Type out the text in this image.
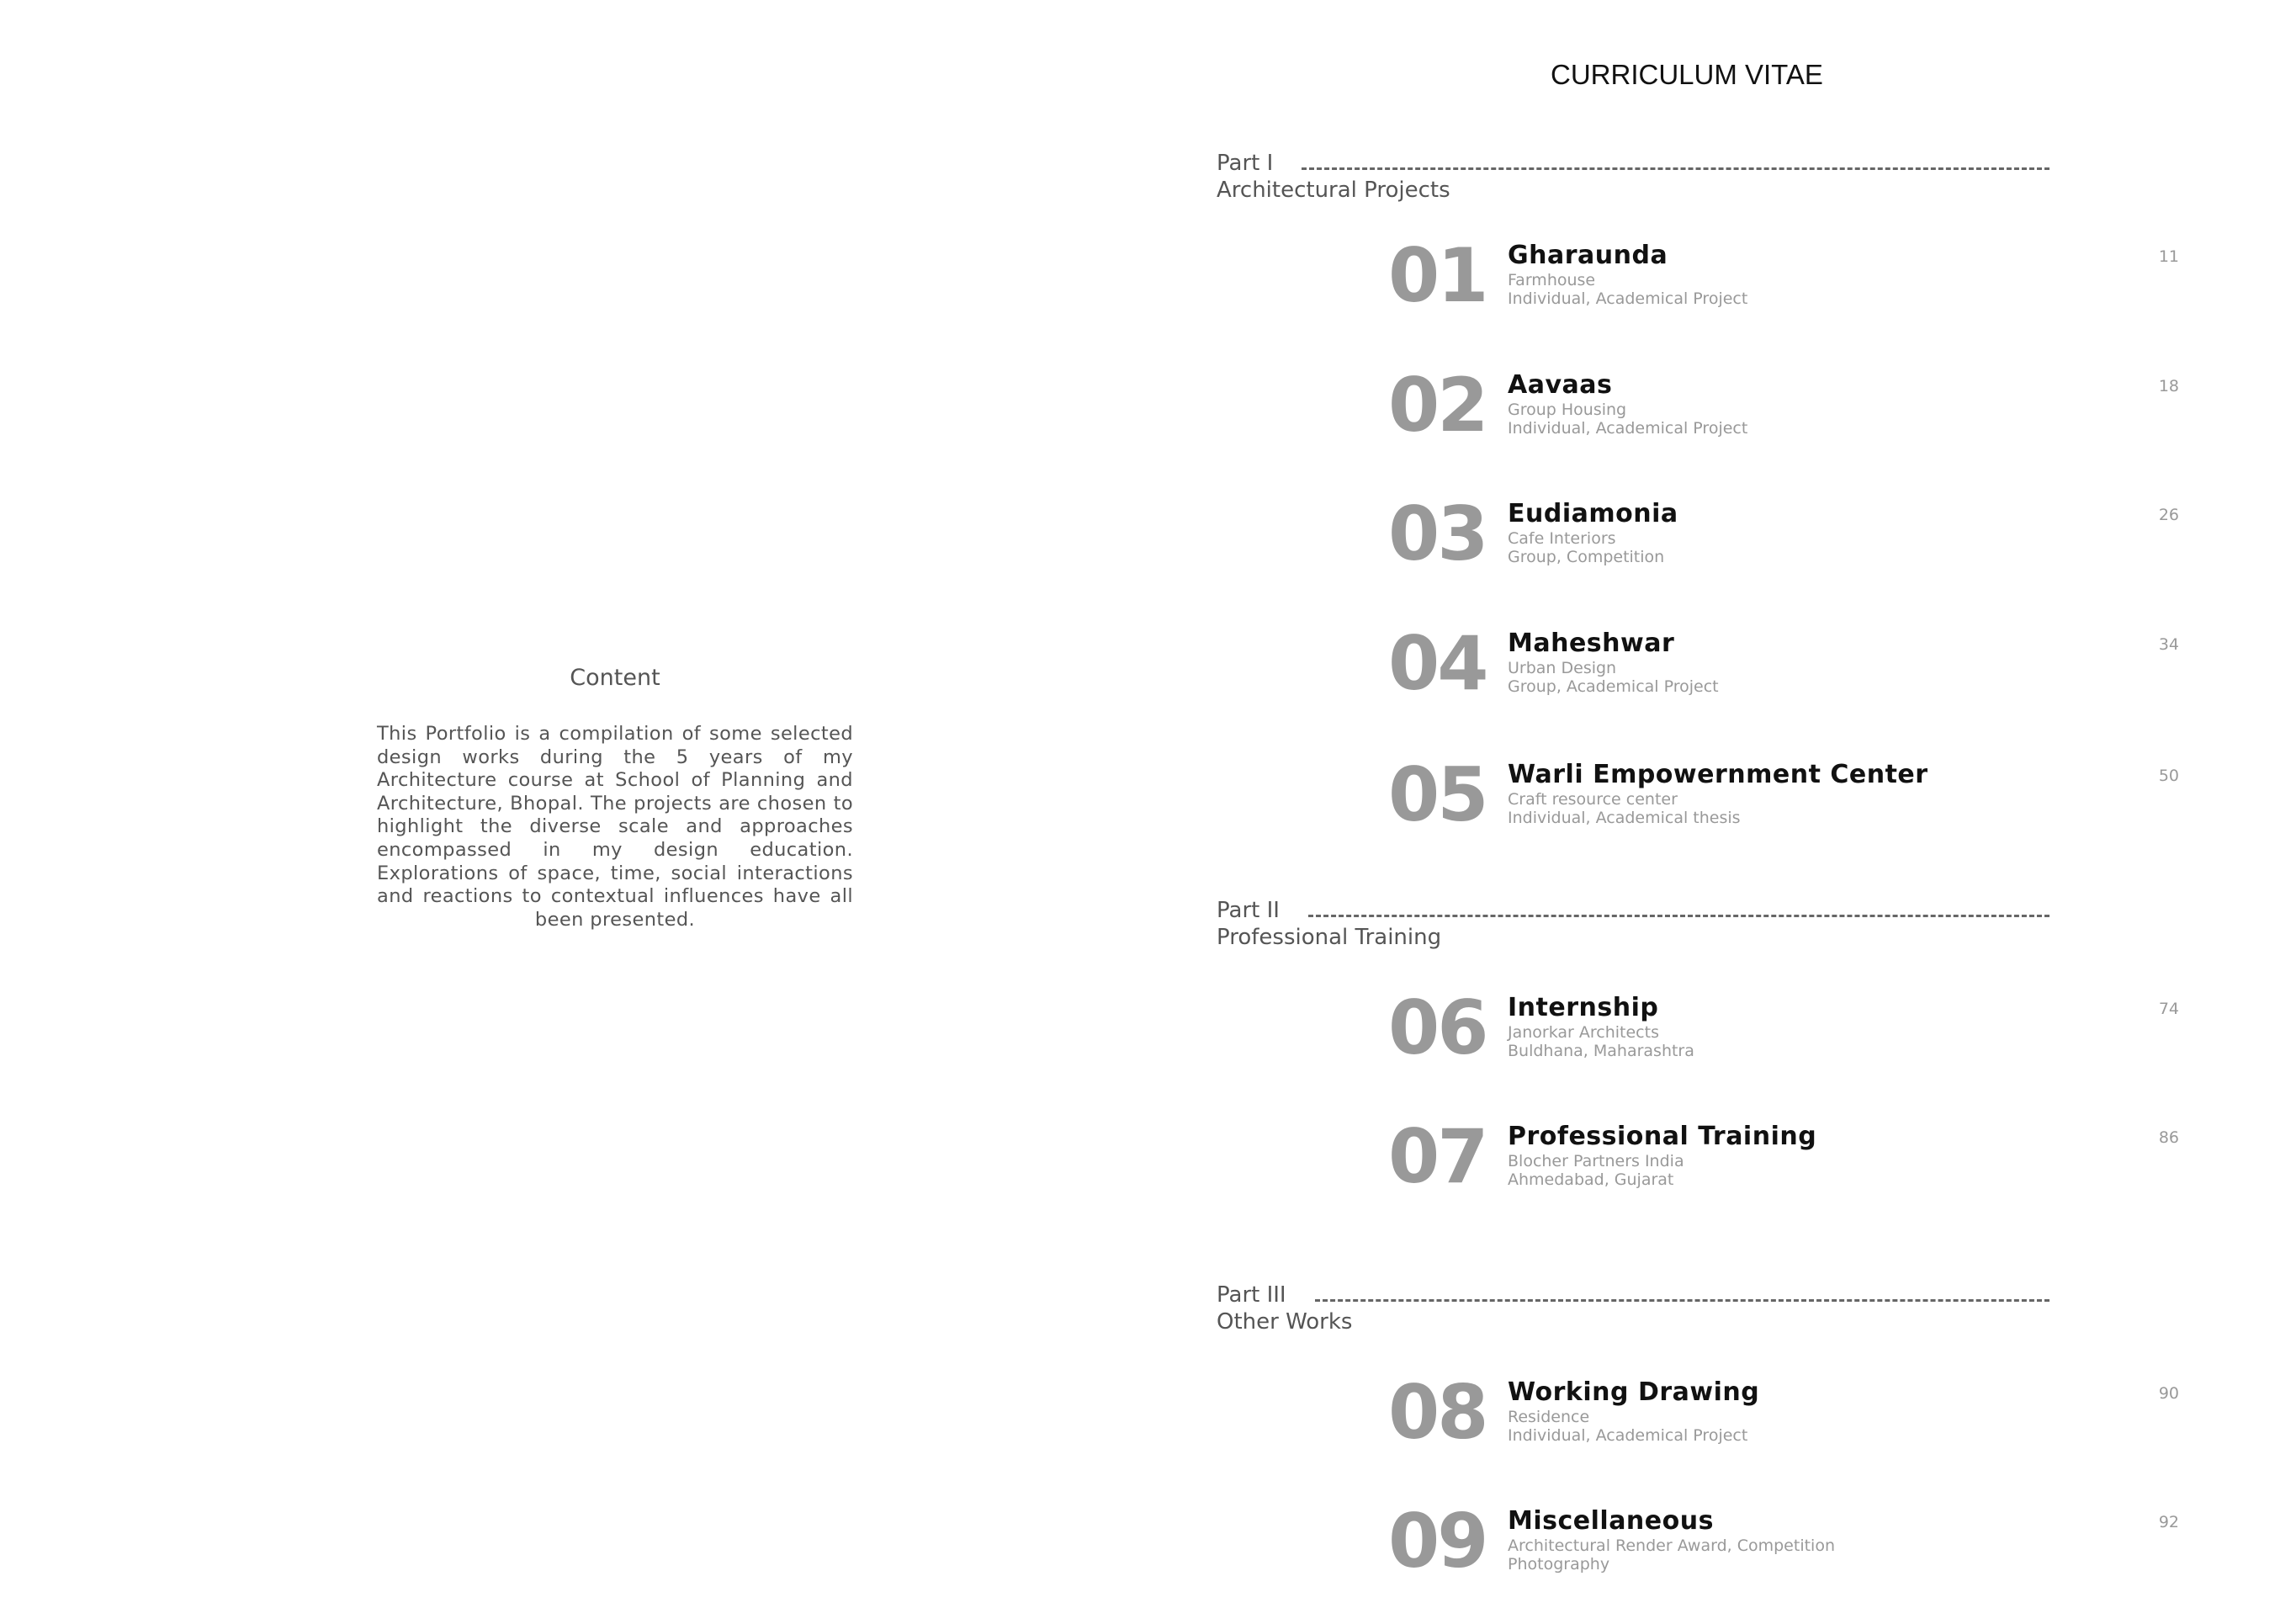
Content

This Portfolio is a compilation of some selected design works during the 5 years of my Architecture course at School of Planning and Architecture, Bhopal. The projects are chosen to highlight the diverse scale and approaches encompassed in my design education. Explorations of space, time, social interactions and reactions to contextual influences have all been presented.

CURRICULUM VITAE
Part I
Architectural Projects
01 Gharaunda
Farmhouse
Individual, Academical Project
11
02 Aavaas
Group Housing
Individual, Academical Project
18
03 Eudiamonia
Cafe Interiors
Group, Competition
26
04 Maheshwar
Urban Design
Group, Academical Project
34
05 Warli Empowernment Center
Craft resource center
Individual, Academical thesis
50
Part II
Professional Training
06 Internship
Janorkar Architects
Buldhana, Maharashtra
74
07 Professional Training
Blocher Partners India
Ahmedabad, Gujarat
86
Part III
Other Works
08 Working Drawing
Residence
Individual, Academical Project
90
09 Miscellaneous
Architectural Render Award, Competition
Photography
92
